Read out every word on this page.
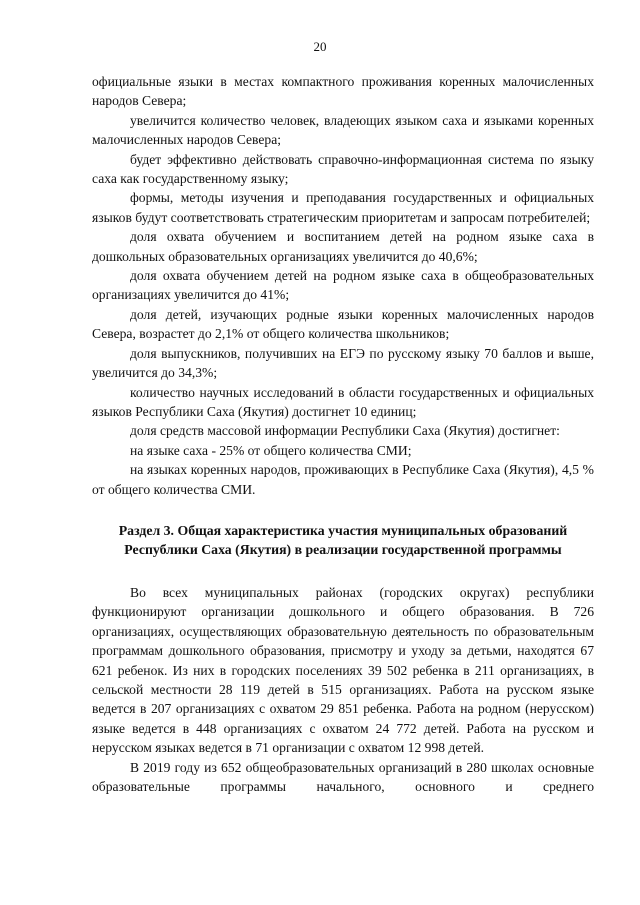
20

официальные языки в местах компактного проживания коренных малочисленных народов Севера;

увеличится количество человек, владеющих языком саха и языками коренных малочисленных народов Севера;

будет эффективно действовать справочно-информационная система по языку саха как государственному языку;

формы, методы изучения и преподавания государственных и официальных языков будут соответствовать стратегическим приоритетам и запросам потребителей;

доля охвата обучением и воспитанием детей на родном языке саха в дошкольных образовательных организациях увеличится до 40,6%;

доля охвата обучением детей на родном языке саха в общеобразовательных организациях увеличится до 41%;

доля детей, изучающих родные языки коренных малочисленных народов Севера, возрастет до 2,1% от общего количества школьников;

доля выпускников, получивших на ЕГЭ по русскому языку 70 баллов и выше, увеличится до 34,3%;

количество научных исследований в области государственных и официальных языков Республики Саха (Якутия) достигнет 10 единиц;

доля средств массовой информации Республики Саха (Якутия) достигнет:

на языке саха - 25% от общего количества СМИ;

на языках коренных народов, проживающих в Республике Саха (Якутия), 4,5 % от общего количества СМИ.

Раздел 3. Общая характеристика участия муниципальных образований
Республики Саха (Якутия) в реализации государственной программы

Во всех муниципальных районах (городских округах) республики функционируют организации дошкольного и общего образования. В 726 организациях, осуществляющих образовательную деятельность по образовательным программам дошкольного образования, присмотру и уходу за детьми, находятся 67 621 ребенок. Из них в городских поселениях 39 502 ребенка в 211 организациях, в сельской местности 28 119 детей в 515 организациях. Работа на русском языке ведется в 207 организациях с охватом 29 851 ребенка. Работа на родном (нерусском) языке ведется в 448 организациях с охватом 24 772 детей. Работа на русском и нерусском языках ведется в 71 организации с охватом 12 998 детей.

В 2019 году из 652 общеобразовательных организаций в 280 школах основные образовательные программы начального, основного и среднего
